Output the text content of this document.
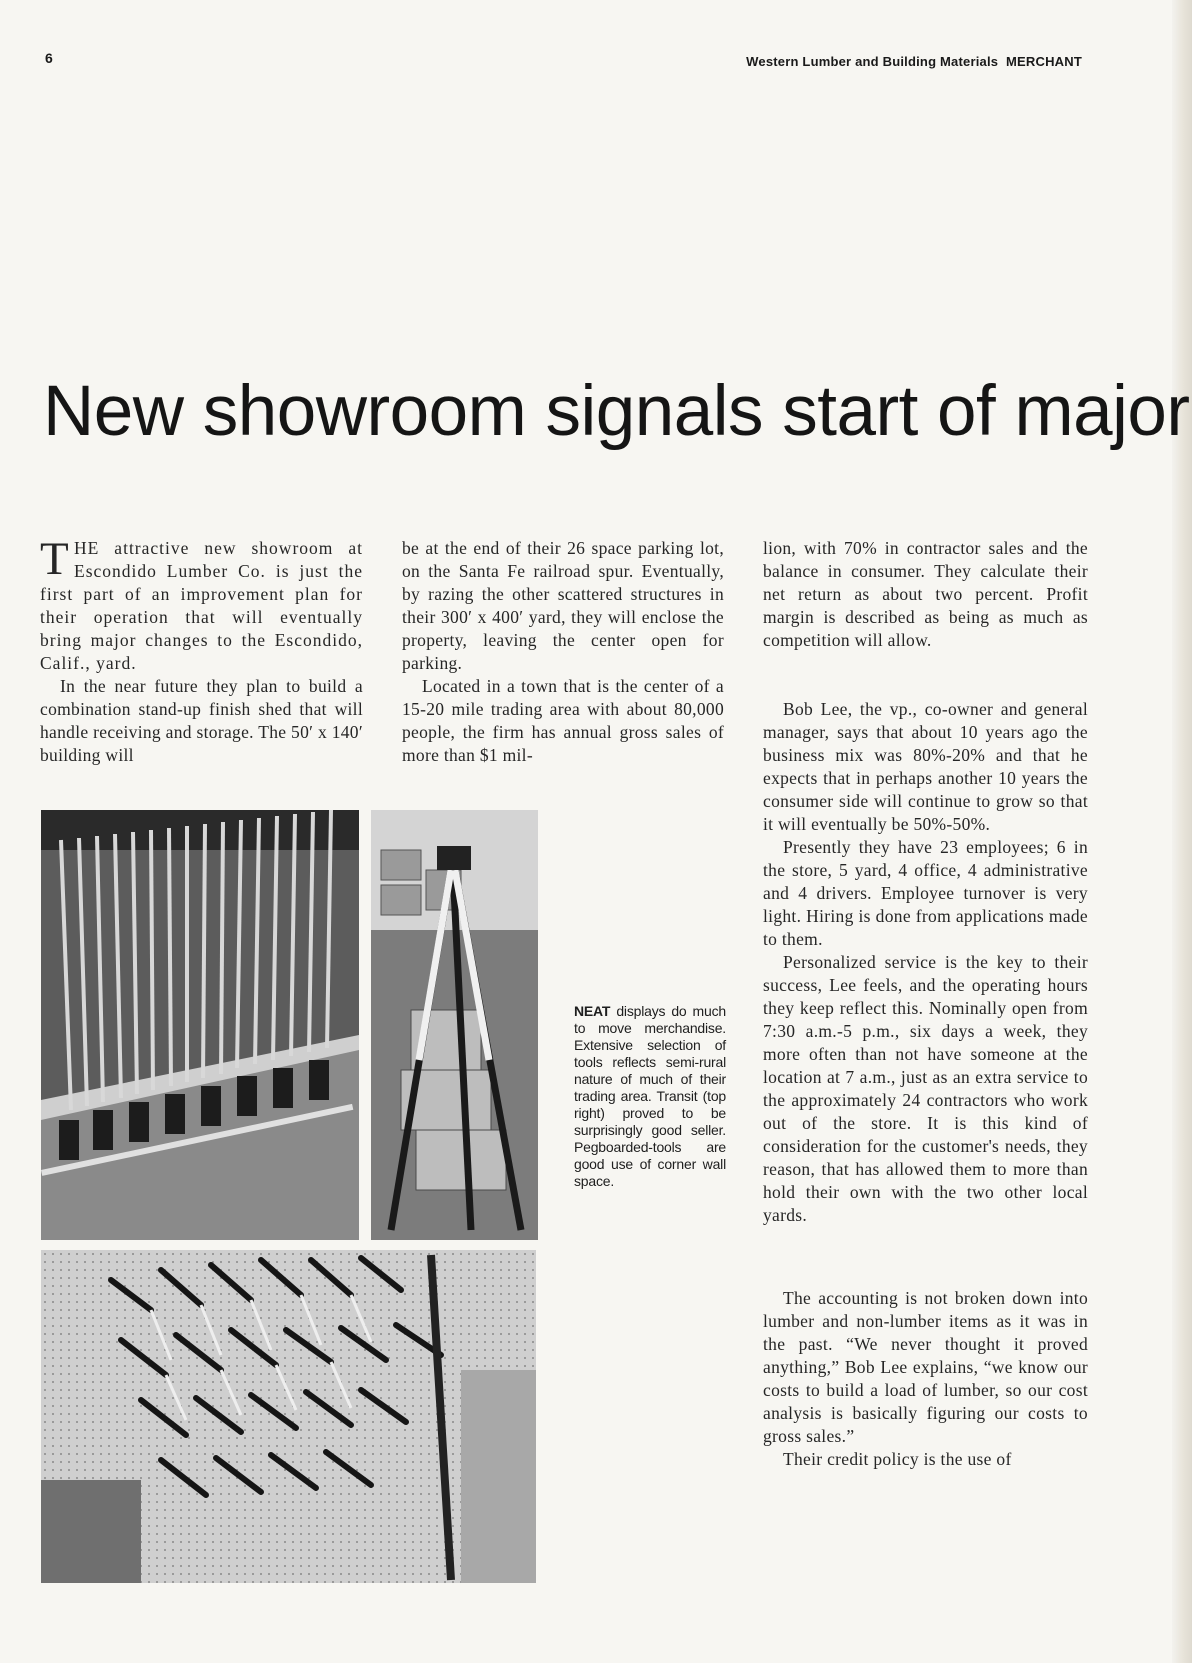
6	Western Lumber and Building Materials MERCHANT
New showroom signals start of major

THE attractive new showroom at Escondido Lumber Co. is just the first part of an improvement plan for their operation that will eventually bring major changes to the Escondido, Calif., yard.

In the near future they plan to build a combination stand-up finish shed that will handle receiving and storage. The 50′ x 140′ building will

be at the end of their 26 space parking lot, on the Santa Fe railroad spur. Eventually, by razing the other scattered structures in their 300′ x 400′ yard, they will enclose the property, leaving the center open for parking.

Located in a town that is the center of a 15-20 mile trading area with about 80,000 people, the firm has annual gross sales of more than $1 mil-

lion, with 70% in contractor sales and the balance in consumer. They calculate their net return as about two percent. Profit margin is described as being as much as competition will allow.

Bob Lee, the vp., co-owner and general manager, says that about 10 years ago the business mix was 80%-20% and that he expects that in perhaps another 10 years the consumer side will continue to grow so that it will eventually be 50%-50%.

Presently they have 23 employees; 6 in the store, 5 yard, 4 office, 4 administrative and 4 drivers. Employee turnover is very light. Hiring is done from applications made to them.

Personalized service is the key to their success, Lee feels, and the operating hours they keep reflect this. Nominally open from 7:30 a.m.-5 p.m., six days a week, they more often than not have someone at the location at 7 a.m., just as an extra service to the approximately 24 contractors who work out of the store. It is this kind of consideration for the customer's needs, they reason, that has allowed them to more than hold their own with the two other local yards.

The accounting is not broken down into lumber and non-lumber items as it was in the past. “We never thought it proved anything,” Bob Lee explains, “we know our costs to build a load of lumber, so our cost analysis is basically figuring our costs to gross sales.”

Their credit policy is the use of

NEAT displays do much to move merchandise. Extensive selection of tools reflects semi-rural nature of much of their trading area. Transit (top right) proved to be surprisingly good seller. Pegboarded-tools are good use of corner wall space.
